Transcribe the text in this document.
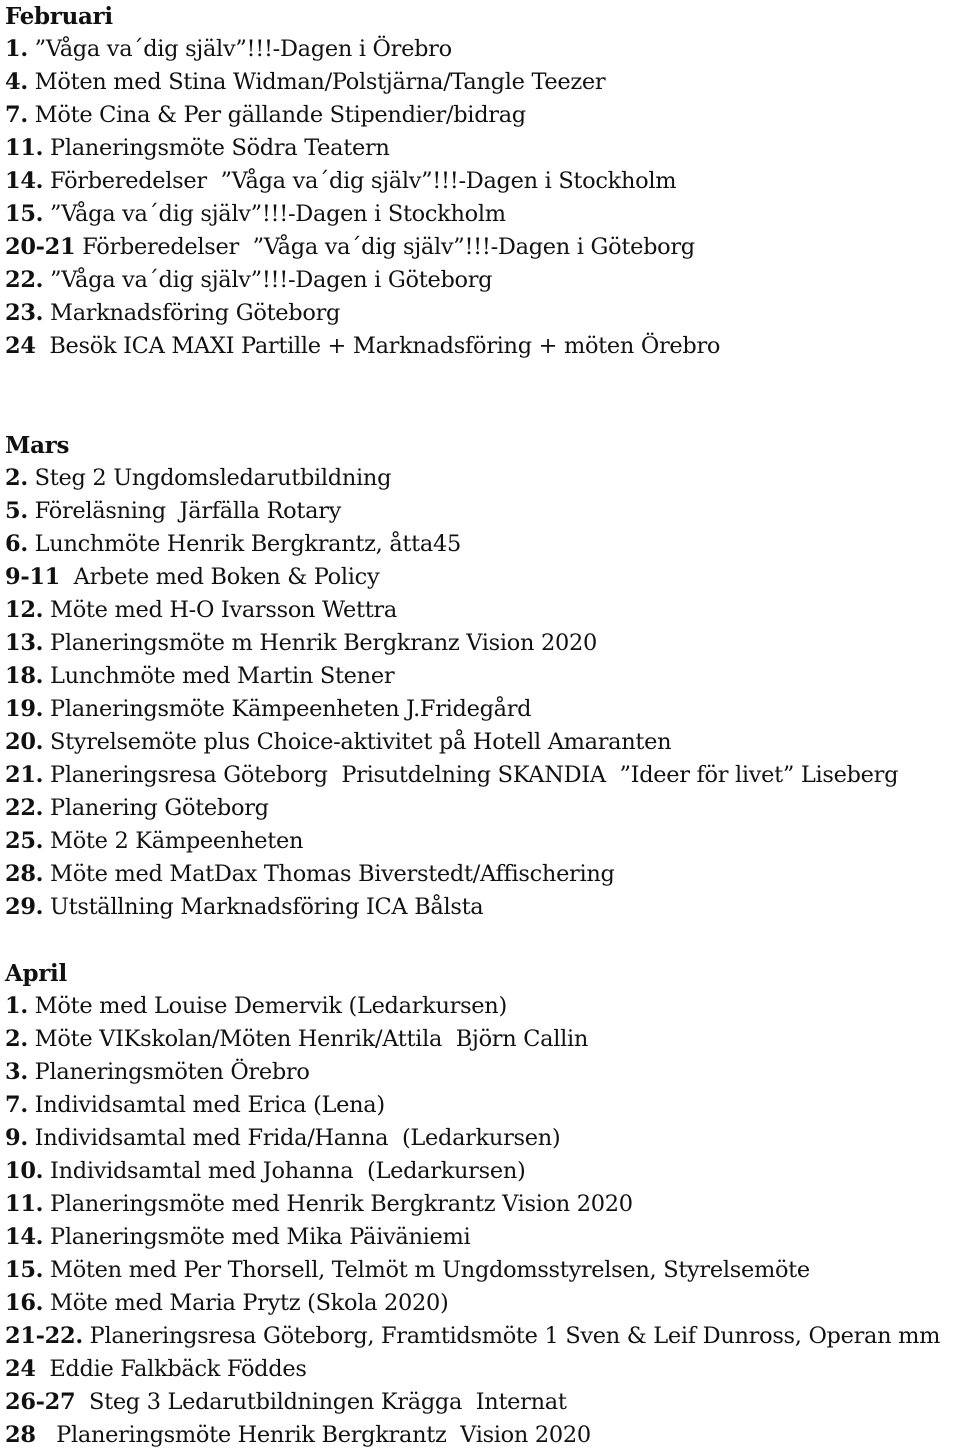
Februari
1. ”Våga va´dig själv”!!!-Dagen i Örebro
4. Möten med Stina Widman/Polstjärna/Tangle Teezer
7. Möte Cina & Per gällande Stipendier/bidrag
11. Planeringsmöte Södra Teatern
14. Förberedelser  ”Våga va´dig själv”!!!-Dagen i Stockholm
15. ”Våga va´dig själv”!!!-Dagen i Stockholm
20-21 Förberedelser  ”Våga va´dig själv”!!!-Dagen i Göteborg
22. ”Våga va´dig själv”!!!-Dagen i Göteborg
23. Marknadsföring Göteborg
24  Besök ICA MAXI Partille + Marknadsföring + möten Örebro
Mars
2. Steg 2 Ungdomsledarutbildning
5. Föreläsning  Järfälla Rotary
6. Lunchmöte Henrik Bergkrantz, åtta45
9-11  Arbete med Boken & Policy
12. Möte med H-O Ivarsson Wettra
13. Planeringsmöte m Henrik Bergkranz Vision 2020
18. Lunchmöte med Martin Stener
19. Planeringsmöte Kämpeenheten J.Fridegård
20. Styrelsemöte plus Choice-aktivitet på Hotell Amaranten
21. Planeringsresa Göteborg  Prisutdelning SKANDIA  ”Ideer för livet” Liseberg
22. Planering Göteborg
25. Möte 2 Kämpeenheten
28. Möte med MatDax Thomas Biverstedt/Affischering
29. Utställning Marknadsföring ICA Bålsta
April
1. Möte med Louise Demervik (Ledarkursen)
2. Möte VIKskolan/Möten Henrik/Attila  Björn Callin
3. Planeringsmöten Örebro
7. Individsamtal med Erica (Lena)
9. Individsamtal med Frida/Hanna  (Ledarkursen)
10. Individsamtal med Johanna  (Ledarkursen)
11. Planeringsmöte med Henrik Bergkrantz Vision 2020
14. Planeringsmöte med Mika Päiväniemi
15. Möten med Per Thorsell, Telmöt m Ungdomsstyrelsen, Styrelsemöte
16. Möte med Maria Prytz (Skola 2020)
21-22. Planeringsresa Göteborg, Framtidsmöte 1 Sven & Leif Dunross, Operan mm
24  Eddie Falkbäck Föddes
26-27  Steg 3 Ledarutbildningen Krägga  Internat
28   Planeringsmöte Henrik Bergkrantz  Vision 2020
